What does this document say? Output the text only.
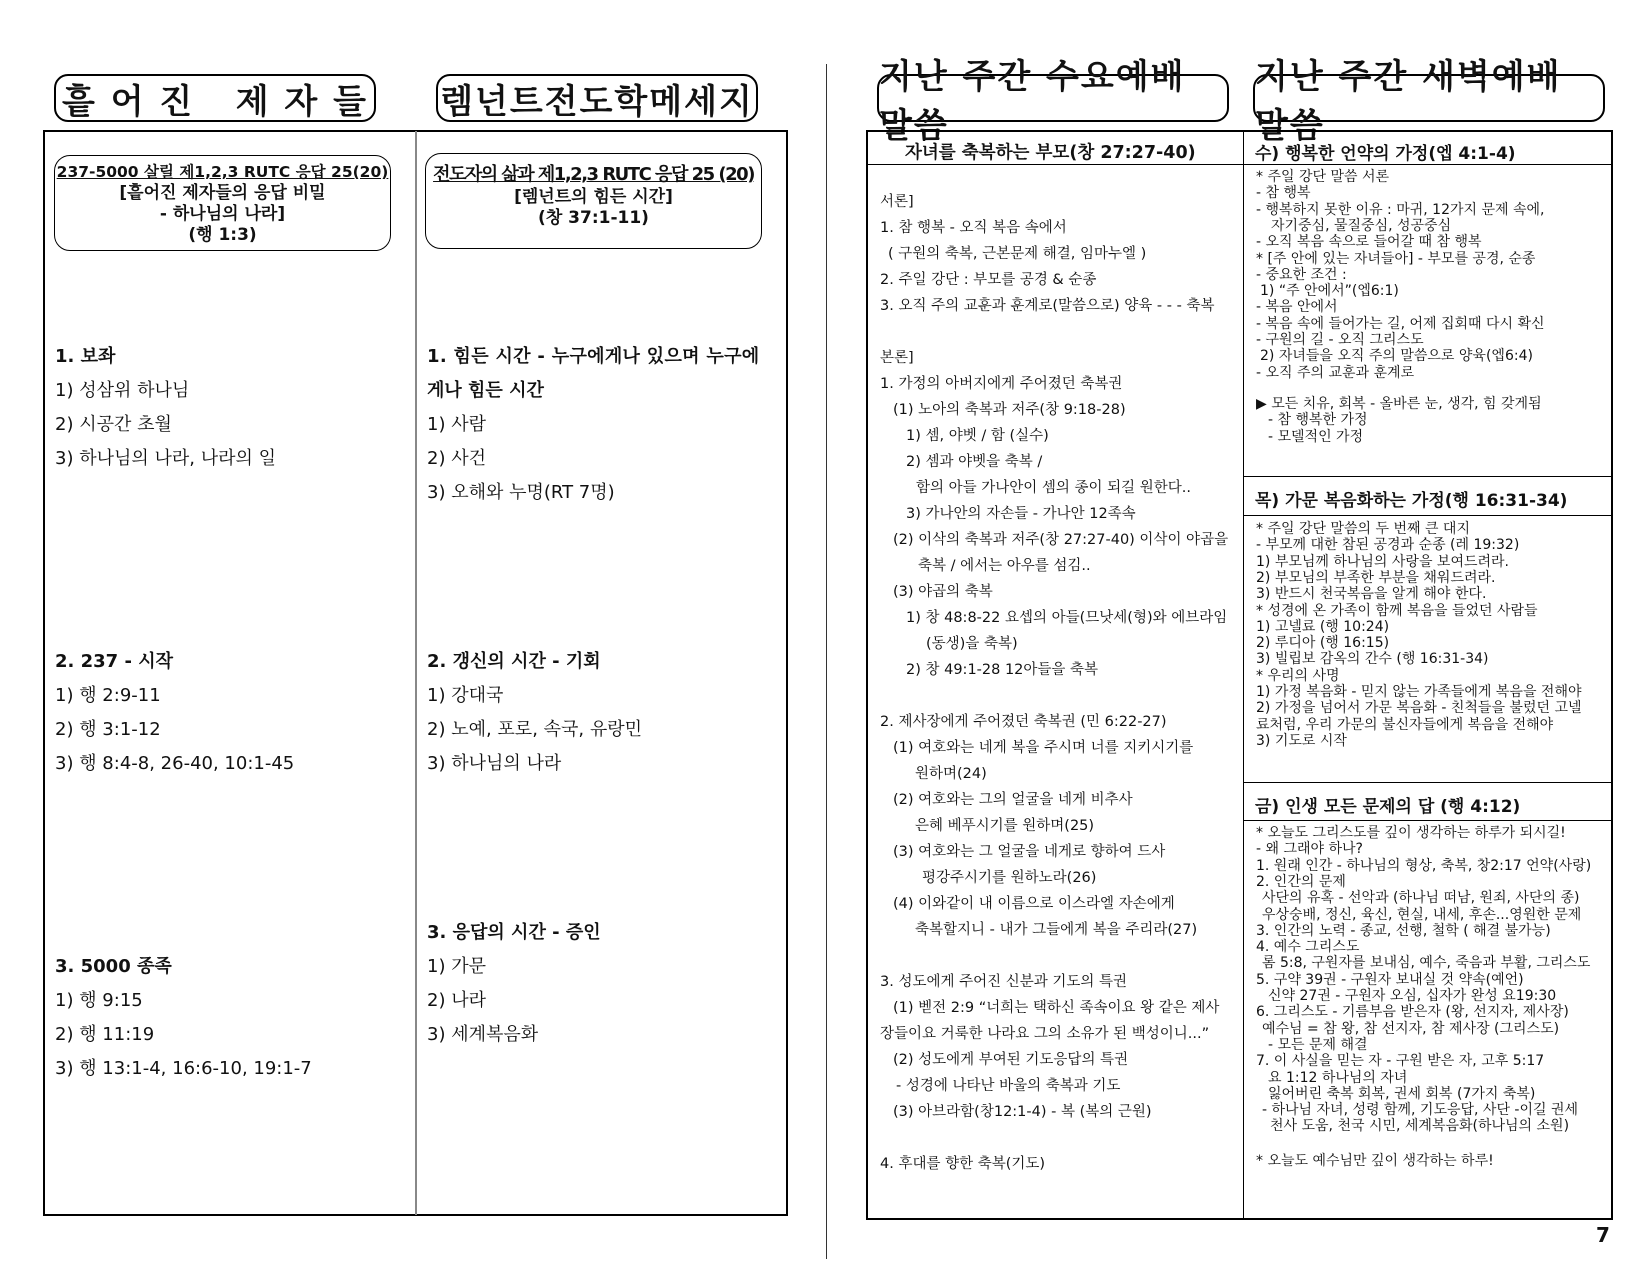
흩 어 진   제 자 들 렘넌트전도학메세지
지난 주간 수요예배 말씀
지난 주간 새벽예배 말씀
237-5000 살릴 제1,2,3 RUTC 응답 25(20)
[흩어진 제자들의 응답 비밀
- 하나님의 나라]
(행 1:3)
전도자의 삶과 제1,2,3 RUTC 응답 25 (20)
[렘넌트의 힘든 시간]
(창 37:1-11)
1. 보좌
1) 성삼위 하나님
2) 시공간 초월
3) 하나님의 나라, 나라의 일
2. 237 - 시작
1) 행 2:9-11
2) 행 3:1-12
3) 행 8:4-8, 26-40, 10:1-45
3. 5000 종족
1) 행 9:15
2) 행 11:19
3) 행 13:1-4, 16:6-10, 19:1-7
1. 힘든 시간 - 누구에게나 있으며 누구에
게나 힘든 시간
1) 사람
2) 사건
3) 오해와 누명(RT 7명)
2. 갱신의 시간 - 기회
1) 강대국
2) 노예, 포로, 속국, 유랑민
3) 하나님의 나라
3. 응답의 시간 - 증인
1) 가문
2) 나라
3) 세계복음화
자녀를 축복하는 부모(창 27:27-40)
서론]
1. 참 행복 - 오직 복음 속에서
( 구원의 축복, 근본문제 해결, 임마누엘 )
2. 주일 강단 : 부모를 공경 & 순종
3. 오직 주의 교훈과 훈계로(말씀으로) 양육 - - - 축복
본론]
1. 가정의 아버지에게 주어졌던 축복권
(1) 노아의 축복과 저주(창 9:18-28)
1) 셈, 야벳 / 함 (실수)
2) 셈과 야벳을 축복 /
함의 아들 가나안이 셈의 종이 되길 원한다..
3) 가나안의 자손들 - 가나안 12족속
(2) 이삭의 축복과 저주(창 27:27-40) 이삭이 야곱을
축복 / 에서는 아우를 섬김..
(3) 야곱의 축복
1) 창 48:8-22 요셉의 아들(므낫세(형)와 에브라임
(동생)을 축복)
2) 창 49:1-28 12아들을 축복
2. 제사장에게 주어졌던 축복권 (민 6:22-27)
(1) 여호와는 네게 복을 주시며 너를 지키시기를
원하며(24)
(2) 여호와는 그의 얼굴을 네게 비추사
은혜 베푸시기를 원하며(25)
(3) 여호와는 그 얼굴을 네게로 향하여 드사
평강주시기를 원하노라(26)
(4) 이와같이 내 이름으로 이스라엘 자손에게
축복할지니 - 내가 그들에게 복을 주리라(27)
3. 성도에게 주어진 신분과 기도의 특권
(1) 벧전 2:9 “너희는 택하신 족속이요 왕 같은 제사
장들이요 거룩한 나라요 그의 소유가 된 백성이니...”
(2) 성도에게 부여된 기도응답의 특권
- 성경에 나타난 바울의 축복과 기도
(3) 아브라함(창12:1-4) - 복 (복의 근원)
4. 후대를 향한 축복(기도)
수) 행복한 언약의 가정(엡 4:1-4)
* 주일 강단 말씀 서론
- 참 행복
- 행복하지 못한 이유 : 마귀, 12가지 문제 속에,
자기중심, 물질중심, 성공중심
- 오직 복음 속으로 들어갈 때 참 행복
* [주 안에 있는 자녀들아] - 부모를 공경, 순종
- 중요한 조건 :
1) “주 안에서”(엡6:1)
- 복음 안에서
- 복음 속에 들어가는 길, 어제 집회때 다시 확신
- 구원의 길 - 오직 그리스도
2) 자녀들을 오직 주의 말씀으로 양육(엡6:4)
- 오직 주의 교훈과 훈계로
▶ 모든 치유, 회복 - 올바른 눈, 생각, 힘 갖게됨
- 참 행복한 가정
- 모델적인 가정
목) 가문 복음화하는 가정(행 16:31-34)
* 주일 강단 말씀의 두 번째 큰 대지
- 부모께 대한 참된 공경과 순종 (레 19:32)
1) 부모님께 하나님의 사랑을 보여드려라.
2) 부모님의 부족한 부분을 채워드려라.
3) 반드시 천국복음을 알게 해야 한다.
* 성경에 온 가족이 함께 복음을 들었던 사람들
1) 고넬료 (행 10:24)
2) 루디아 (행 16:15)
3) 빌립보 감옥의 간수 (행 16:31-34)
* 우리의 사명
1) 가정 복음화 - 믿지 않는 가족들에게 복음을 전해야
2) 가정을 넘어서 가문 복음화 - 친척들을 불렀던 고넬
료처럼, 우리 가문의 불신자들에게 복음을 전해야
3) 기도로 시작
금) 인생 모든 문제의 답 (행 4:12)
* 오늘도 그리스도를 깊이 생각하는 하루가 되시길!
- 왜 그래야 하나?
1. 원래 인간 - 하나님의 형상, 축복, 창2:17 언약(사랑)
2. 인간의 문제
사단의 유혹 - 선악과 (하나님 떠남, 원죄, 사단의 종)
우상숭배, 정신, 육신, 현실, 내세, 후손...영원한 문제
3. 인간의 노력 - 종교, 선행, 철학 ( 해결 불가능)
4. 예수 그리스도
롬 5:8, 구원자를 보내심, 예수, 죽음과 부활, 그리스도
5. 구약 39권 - 구원자 보내실 것 약속(예언)
신약 27권 - 구원자 오심, 십자가 완성 요19:30
6. 그리스도 - 기름부음 받은자 (왕, 선지자, 제사장)
예수님 = 참 왕, 참 선지자, 참 제사장 (그리스도)
- 모든 문제 해결
7. 이 사실을 믿는 자 - 구원 받은 자, 고후 5:17
요 1:12 하나님의 자녀
잃어버린 축복 회복, 권세 회복 (7가지 축복)
- 하나님 자녀, 성령 함께, 기도응답, 사단 -이길 권세
천사 도움, 천국 시민, 세계복음화(하나님의 소원)
* 오늘도 예수님만 깊이 생각하는 하루!
7
